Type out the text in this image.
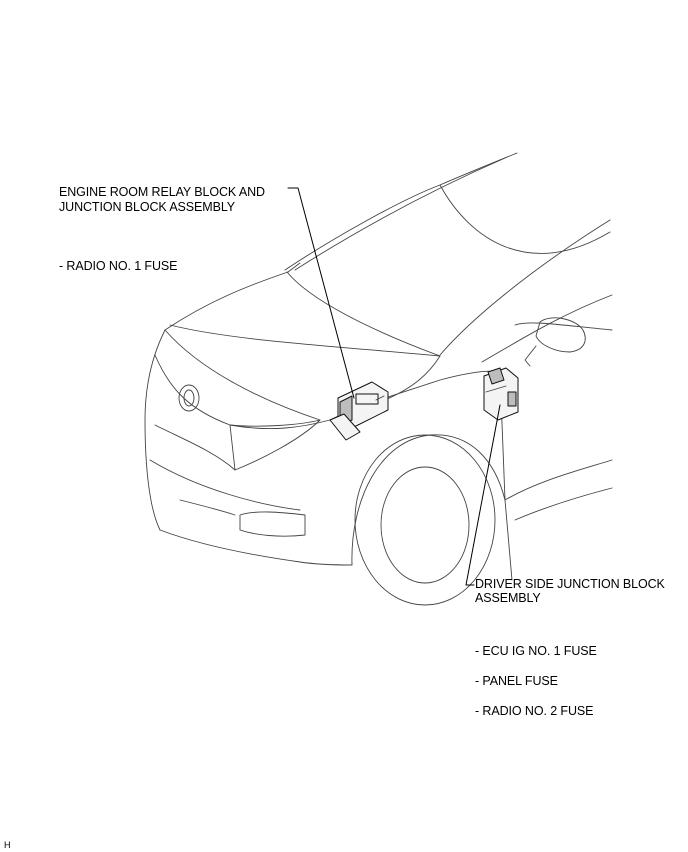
ENGINE ROOM RELAY BLOCK AND
JUNCTION BLOCK ASSEMBLY
- RADIO NO. 1 FUSE
DRIVER SIDE JUNCTION BLOCK
ASSEMBLY
- ECU IG NO. 1 FUSE
- PANEL FUSE
- RADIO NO. 2 FUSE
H
